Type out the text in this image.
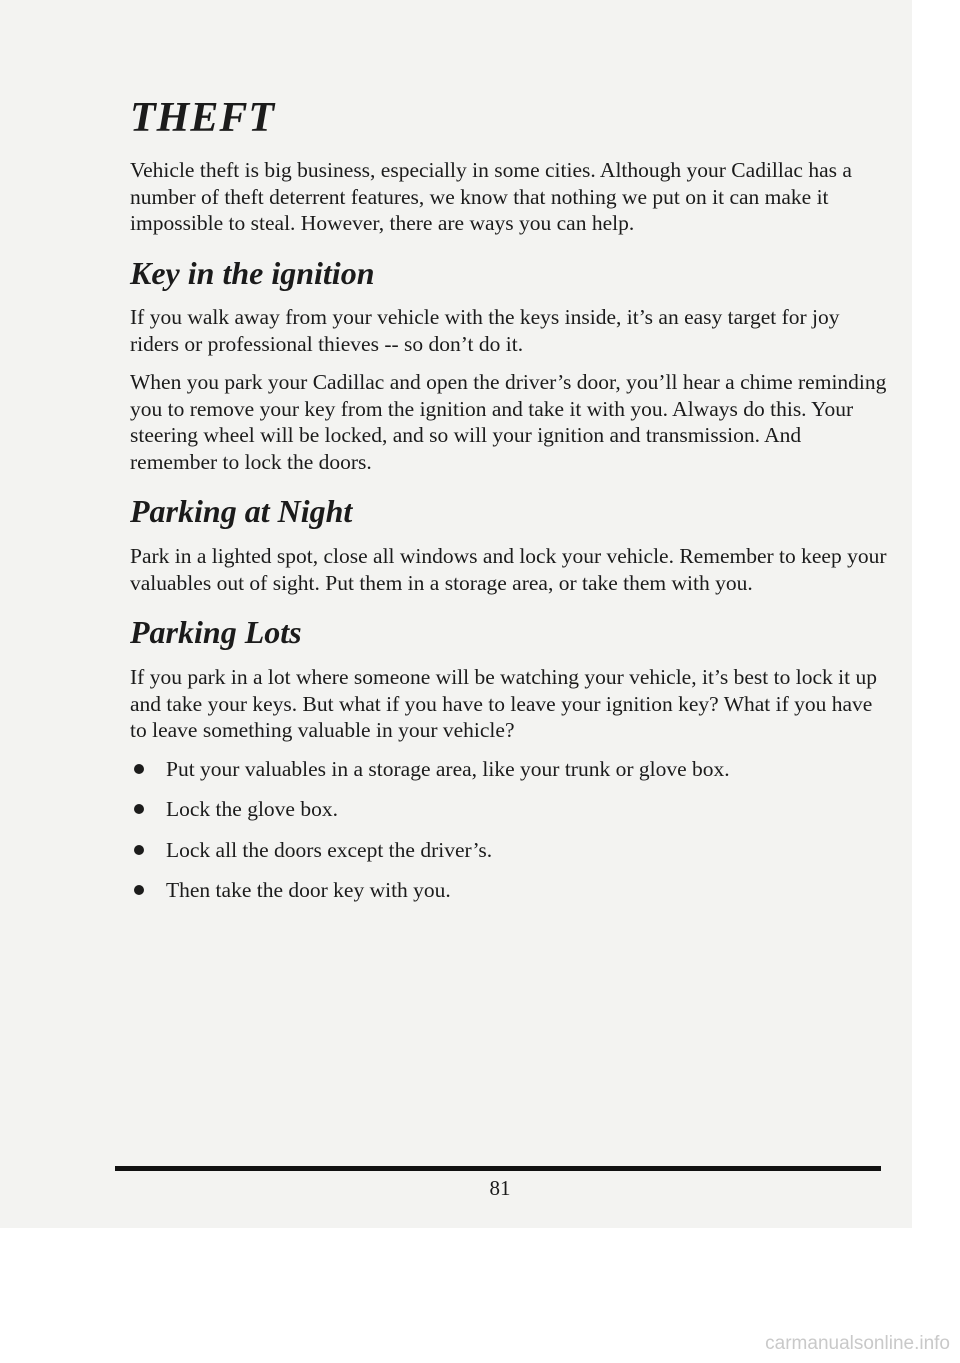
THEFT

Vehicle theft is big business, especially in some cities. Although your Cadillac has a number of theft deterrent features, we know that nothing we put on it can make it impossible to steal. However, there are ways you can help.

Key in the ignition

If you walk away from your vehicle with the keys inside, it’s an easy target for joy riders or professional thieves -- so don’t do it.

When you park your Cadillac and open the driver’s door, you’ll hear a chime reminding you to remove your key from the ignition and take it with you. Always do this. Your steering wheel will be locked, and so will your ignition and transmission. And remember to lock the doors.

Parking at Night

Park in a lighted spot, close all windows and lock your vehicle. Remember to keep your valuables out of sight. Put them in a storage area, or take them with you.

Parking Lots

If you park in a lot where someone will be watching your vehicle, it’s best to lock it up and take your keys. But what if you have to leave your ignition key? What if you have to leave something valuable in your vehicle?

Put your valuables in a storage area, like your trunk or glove box.
Lock the glove box.
Lock all the doors except the driver’s.
Then take the door key with you.
81
carmanualsonline.info
